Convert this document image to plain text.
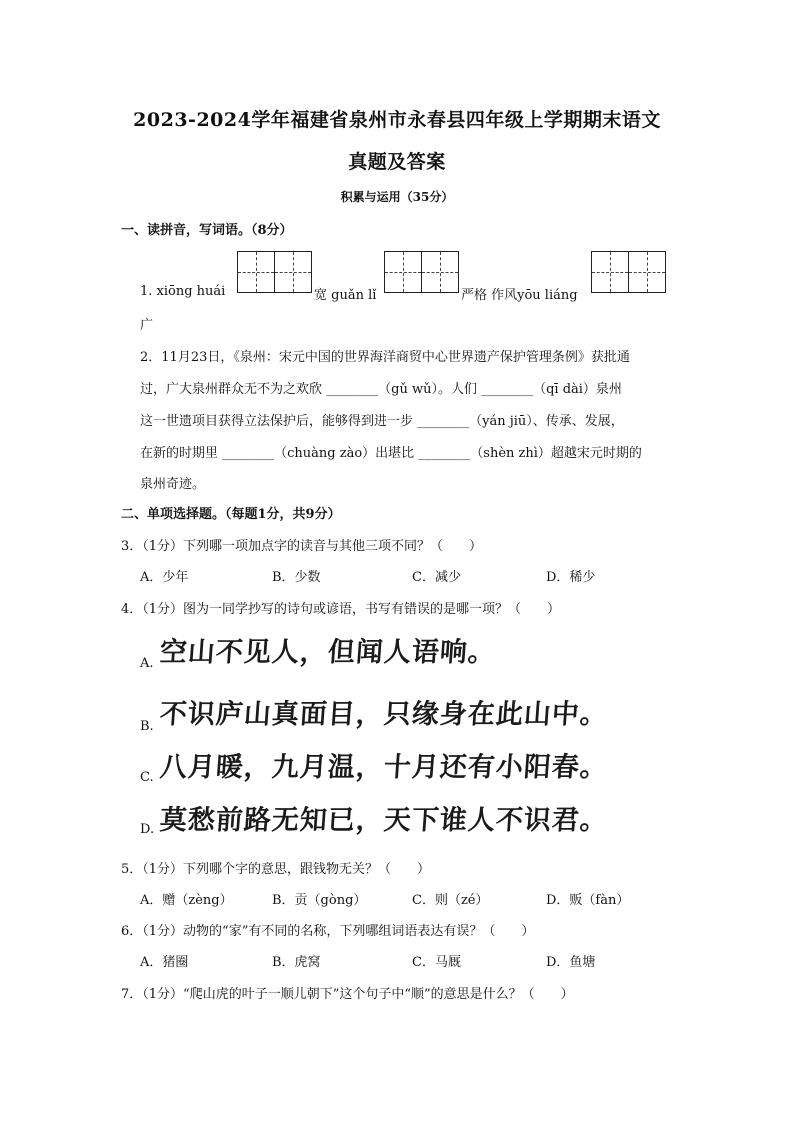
2023-2024学年福建省泉州市永春县四年级上学期期末语文
真题及答案
积累与运用（35分）
一、读拼音，写词语。（8分）
1. xiōng huái	宽 guǎn lǐ	严格 作风yōu liáng
广
2．11月23日，《泉州：宋元中国的世界海洋商贸中心世界遗产保护管理条例》获批通
过，广大泉州群众无不为之欢欣 ________（gǔ wǔ）。人们 ________（qī dài）泉州
这一世遗项目获得立法保护后，能够得到进一步 ________（yán jiū）、传承、发展，
在新的时期里 ________（chuàng zào）出堪比 ________（shèn zhì）超越宋元时期的
泉州奇迹。
二、单项选择题。（每题1分，共9分）
3．（1分）下列哪一项加点字的读音与其他三项不同？（　　）
A．少年	B．少数	C．减少	D．稀少
4．（1分）图为一同学抄写的诗句或谚语，书写有错误的是哪一项？（　　）
A. 空山不见人，但闻人语响。
B. 不识庐山真面目，只缘身在此山中。
C. 八月暖，九月温，十月还有小阳春。
D. 莫愁前路无知已，天下谁人不识君。
5．（1分）下列哪个字的意思，跟钱物无关？（　　）
A．赠（zèng）	B．贡（gòng）	C．则（zé）	D．贩（fàn）
6．（1分）动物的“家”有不同的名称，下列哪组词语表达有误？（　　）
A．猪圈	B．虎窝	C．马厩	D．鱼塘
7．（1分）“爬山虎的叶子一顺儿朝下”这个句子中“顺”的意思是什么？（　　）
